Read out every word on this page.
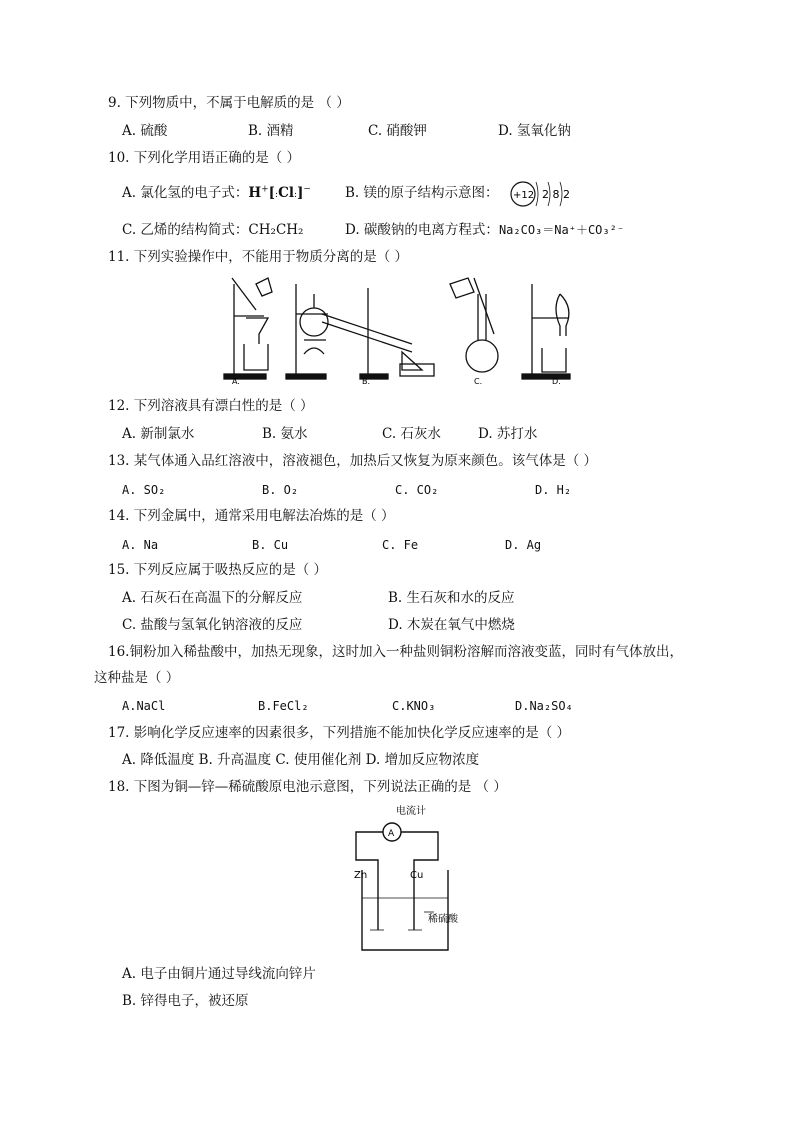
9. 下列物质中，不属于电解质的是 （ ）
A. 硫酸	B. 酒精	C. 硝酸钾	D. 氢氧化钠
10. 下列化学用语正确的是（ ）
A. 氯化氢的电子式：H+[:Cl:]−	B. 镁的原子结构示意图： +12 2 8 2
C. 乙烯的结构简式：CH₂CH₂	D. 碳酸钠的电离方程式：Na₂CO₃＝Na⁺＋CO₃²⁻
11. 下列实验操作中，不能用于物质分离的是（ ）
A.	B.	C.	D.
12. 下列溶液具有漂白性的是（ ）
A. 新制氯水	B. 氨水	C. 石灰水	D. 苏打水
13. 某气体通入品红溶液中，溶液褪色，加热后又恢复为原来颜色。该气体是（ ）
A. SO₂	B. O₂	C. CO₂	D. H₂
14. 下列金属中，通常采用电解法冶炼的是（ ）
A. Na	B. Cu	C. Fe	D. Ag
15. 下列反应属于吸热反应的是（ ）
A. 石灰石在高温下的分解反应	B. 生石灰和水的反应
C. 盐酸与氢氧化钠溶液的反应	D. 木炭在氧气中燃烧
16.铜粉加入稀盐酸中，加热无现象，这时加入一种盐则铜粉溶解而溶液变蓝，同时有气体放出，
这种盐是（ ）
A.NaCl	B.FeCl₂	C.KNO₃	D.Na₂SO₄
17. 影响化学反应速率的因素很多，下列措施不能加快化学反应速率的是（ ）
A. 降低温度 B. 升高温度 C. 使用催化剂 D. 增加反应物浓度
18. 下图为铜—锌—稀硫酸原电池示意图，下列说法正确的是 （ ）
A
电流计
Zn	Cu
稀硫酸
A. 电子由铜片通过导线流向锌片
B. 锌得电子，被还原
